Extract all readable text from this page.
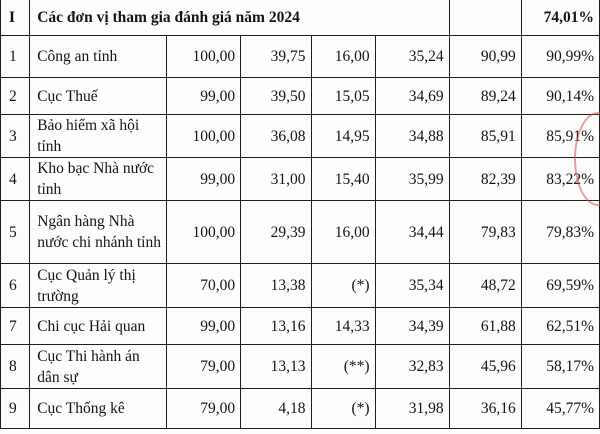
I	Các đơn vị tham gia đánh giá năm 2024						74,01%
1	Công an tỉnh	100,00	39,75	16,00	35,24	90,99	90,99%
2	Cục Thuế	99,00	39,50	15,05	34,69	89,24	90,14%
3	Bảo hiểm xã hội tỉnh	100,00	36,08	14,95	34,88	85,91	85,91%
4	Kho bạc Nhà nước tỉnh	99,00	31,00	15,40	35,99	82,39	83,22%
5	Ngân hàng Nhà nước chi nhánh tỉnh	100,00	29,39	16,00	34,44	79,83	79,83%
6	Cục Quản lý thị trường	70,00	13,38	(*)	35,34	48,72	69,59%
7	Chi cục Hải quan	99,00	13,16	14,33	34,39	61,88	62,51%
8	Cục Thi hành án dân sự	79,00	13,13	(**)	32,83	45,96	58,17%
9	Cục Thống kê	79,00	4,18	(*)	31,98	36,16	45,77%
